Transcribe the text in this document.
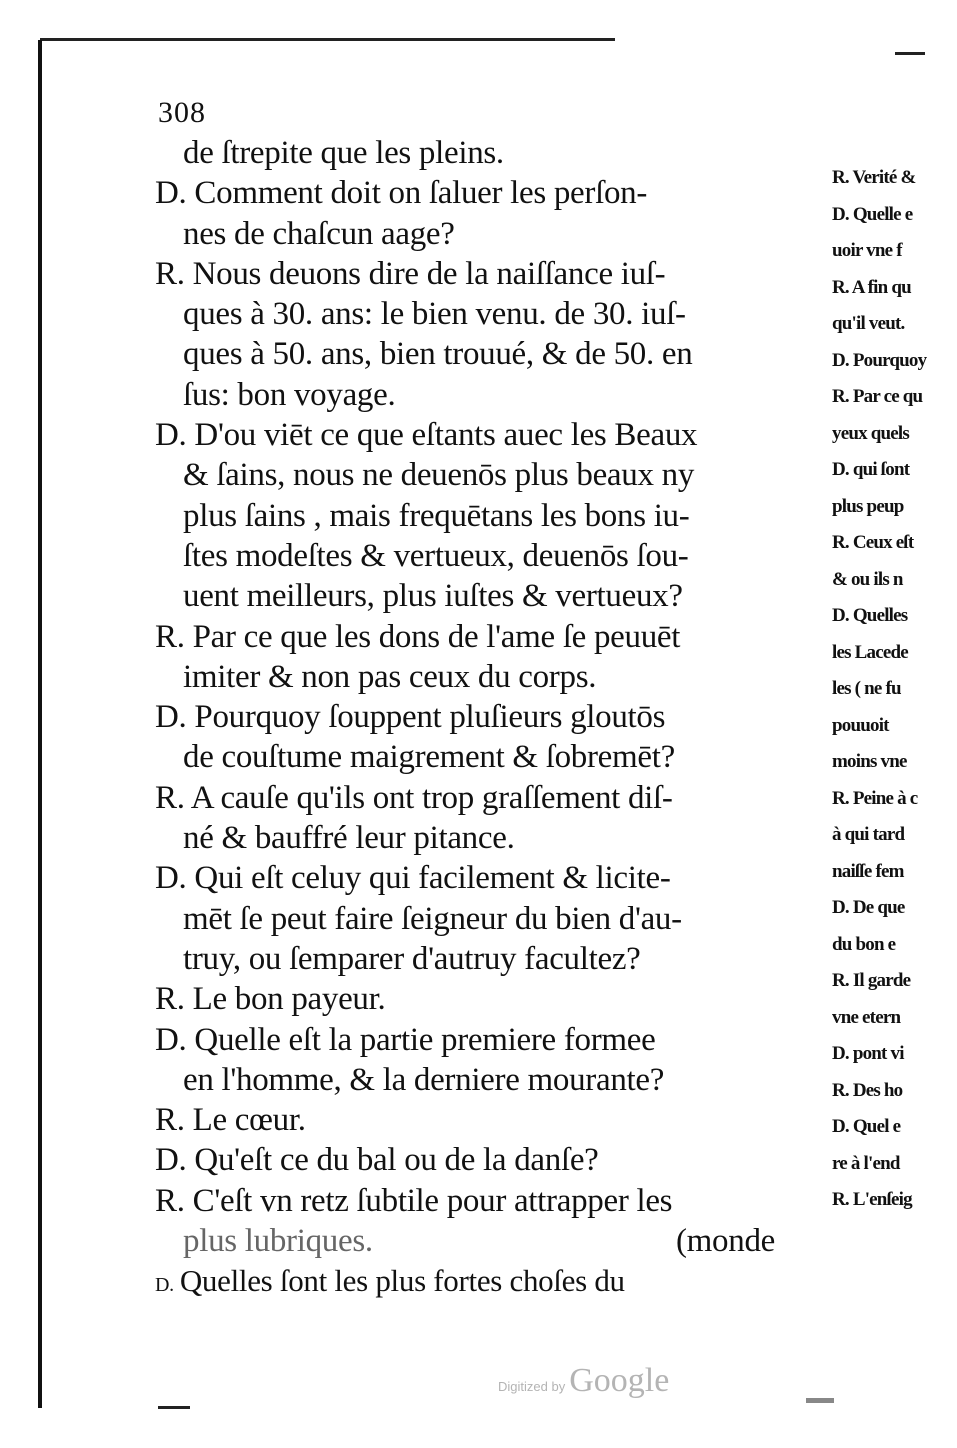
308
de ſtrepite que les pleins.
D. Comment doit on ſaluer les perſon-
nes de chaſcun aage?
R. Nous deuons dire de la naiſſance iuſ-
ques à 30. ans: le bien venu. de 30. iuſ-
ques à 50. ans, bien trouué, & de 50. en
ſus: bon voyage.
D. D'ou viēt ce que eſtants auec les Beaux
& ſains, nous ne deuenōs plus beaux ny
plus ſains , mais frequētans les bons iu-
ſtes modeſtes & vertueux, deuenōs ſou-
uent meilleurs, plus iuſtes & vertueux?
R. Par ce que les dons de l'ame ſe peuuēt
imiter & non pas ceux du corps.
D. Pourquoy ſouppent pluſieurs gloutōs
de couſtume maigrement & ſobremēt?
R. A cauſe qu'ils ont trop graſſement diſ-
né & bauffré leur pitance.
D. Qui eſt celuy qui facilement & licite-
mēt ſe peut faire ſeigneur du bien d'au-
truy, ou ſemparer d'autruy facultez?
R. Le bon payeur.
D. Quelle eſt la partie premiere formee
en l'homme, & la derniere mourante?
R. Le cœur.
D. Qu'eſt ce du bal ou de la danſe?
R. C'eſt vn retz ſubtile pour attrapper les
plus lubriques.	(monde
D. Quelles ſont les plus fortes choſes du
R. Verité &
D. Quelle e
uoir vne f
R. A fin qu
qu'il veut.
D. Pourquoy
R. Par ce qu
yeux quels
D. qui ſont
plus peup
R. Ceux eſt
& ou ils n
D. Quelles
les Lacede
les ( ne fu
pouuoit
moins vne
R. Peine à c
à qui tard
naiſſe fem
D. De que
du bon e
R. Il garde
vne etern
D. pont vi
R. Des ho
D. Quel e
re à l'end
R. L'enſeig
Digitized by Google
